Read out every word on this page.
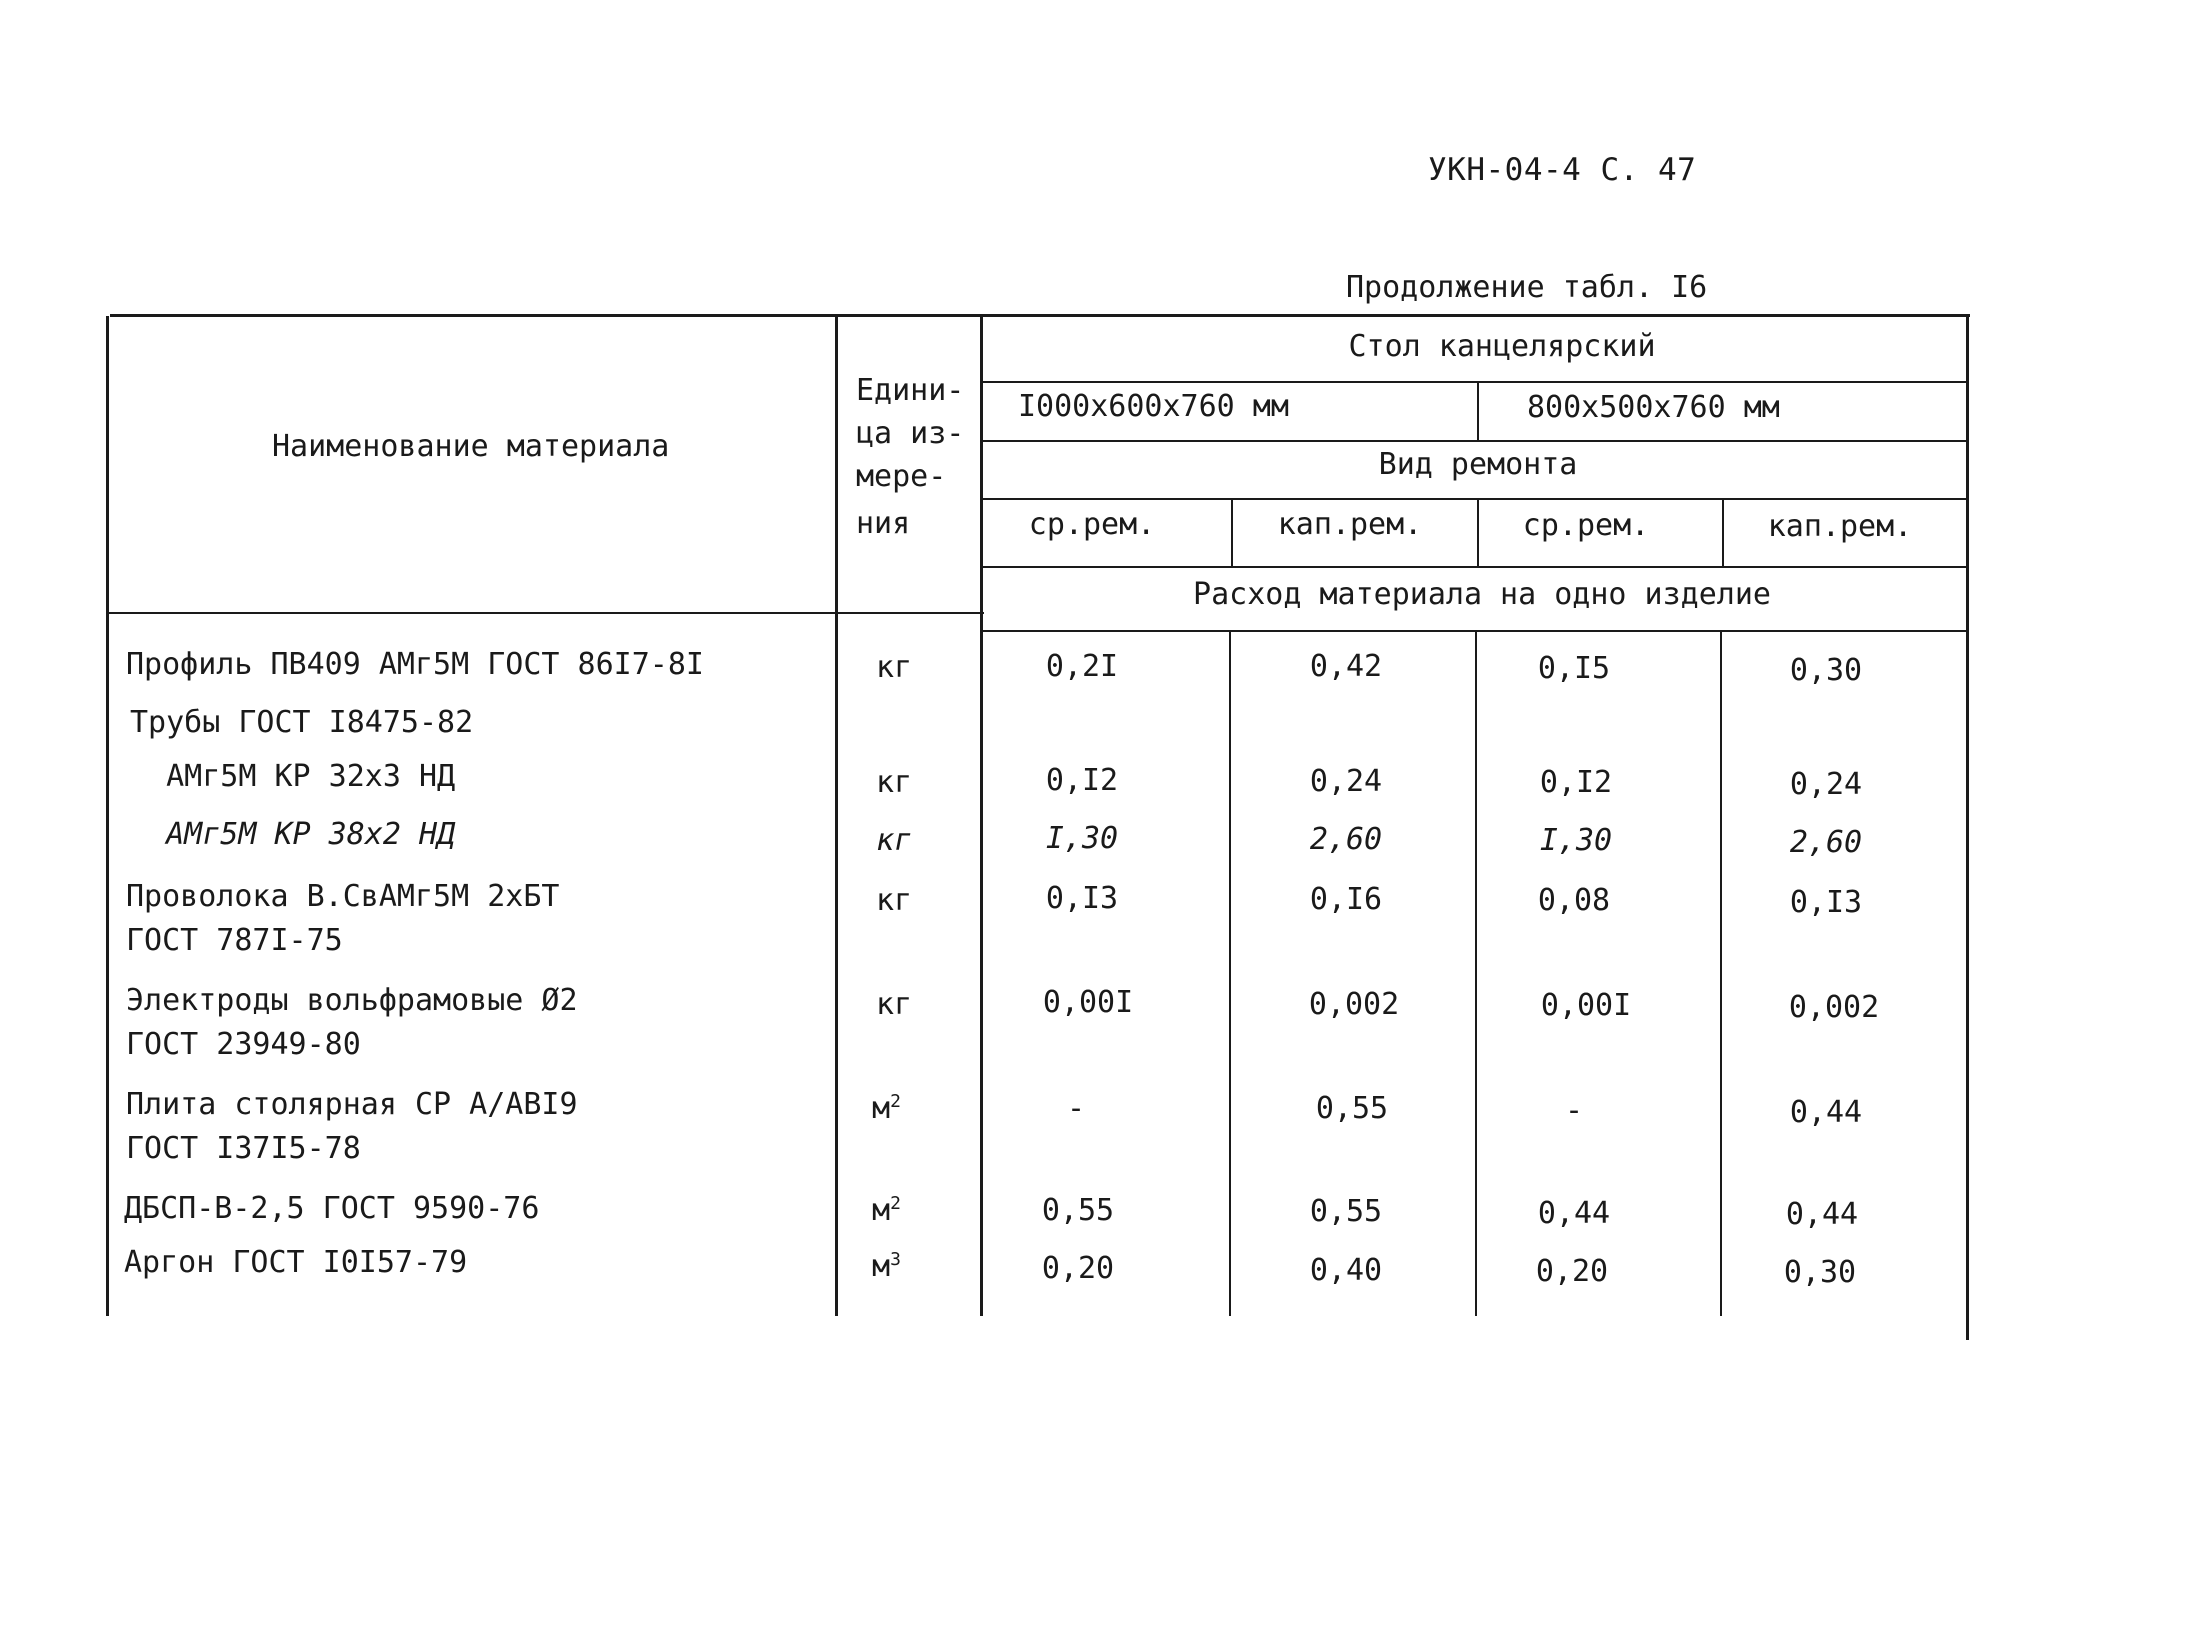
УКН-04-4 С. 47
Продолжение табл. I6
Наименование материала
Едини-
ца из-
мере-
ния
Стол канцелярский
I000х600х760 мм	800х500х760 мм
Вид ремонта
ср.рем.	кап.рем.	ср.рем.	кап.рем.
Расход материала на одно изделие
Профиль ПВ409 АМг5М ГОСТ 86I7-8I	кг	0,2I	0,42	0,I5	0,30
Трубы ГОСТ I8475-82
АМг5М КР 32х3 НД	кг	0,I2	0,24	0,I2	0,24
АМг5М КР 38х2 НД	кг	I,30	2,60	I,30	2,60
Проволока В.СвАМг5М 2хБТ
ГОСТ 787I-75
кг	0,I3	0,I6	0,08	0,I3
Электроды вольфрамовые Ø2
ГОСТ 23949-80
кг	0,00I	0,002	0,00I	0,002
Плита столярная СР А/АВI9
ГОСТ I37I5-78
$м^2$	-	0,55	-	0,44
ДБСП-В-2,5 ГОСТ 9590-76	$м^2$	0,55	0,55	0,44	0,44
Аргон ГОСТ I0I57-79	$м^3$	0,20	0,40	0,20	0,30
